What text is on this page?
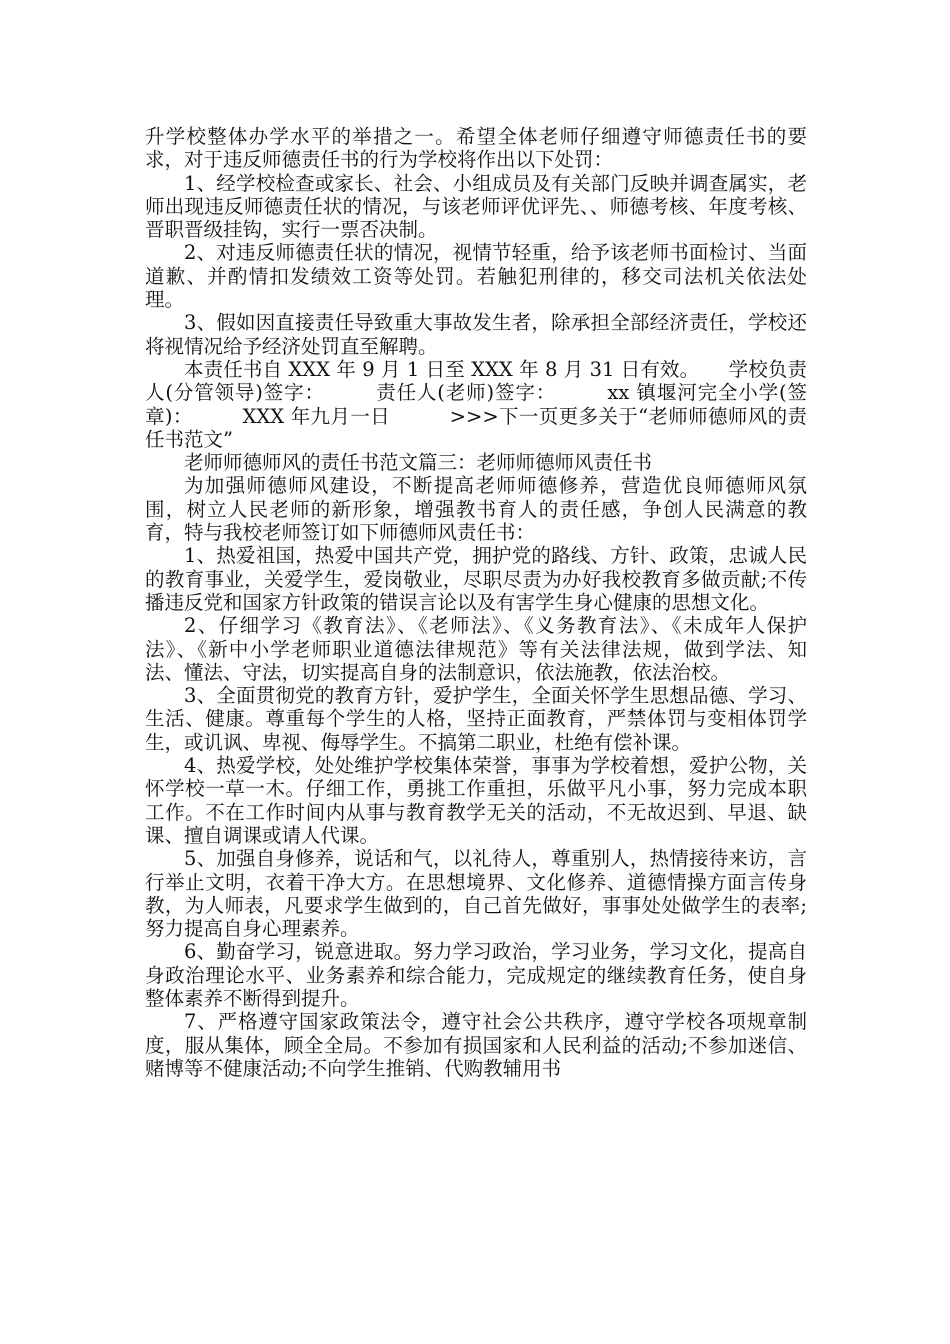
升学校整体办学水平的举措之一。希望全体老师仔细遵守师德责任书的要求，对于违反师德责任书的行为学校将作出以下处罚：

1、经学校检查或家长、社会、小组成员及有关部门反映并调查属实，老师出现违反师德责任状的情况，与该老师评优评先、、师德考核、年度考核、晋职晋级挂钩，实行一票否决制。

2、对违反师德责任状的情况，视情节轻重，给予该老师书面检讨、当面道歉、并酌情扣发绩效工资等处罚。若触犯刑律的，移交司法机关依法处理。

3、假如因直接责任导致重大事故发生者，除承担全部经济责任，学校还将视情况给予经济处罚直至解聘。

本责任书自 XXX 年 9 月 1 日至 XXX 年 8 月 31 日有效。　　学校负责人(分管领导)签字：　　　责任人(老师)签字：　　　xx 镇堰河完全小学(签章)：　　　XXX 年九月一日　　　>>>下一页更多关于“老师师德师风的责任书范文”

老师师德师风的责任书范文篇三：老师师德师风责任书

为加强师德师风建设，不断提高老师师德修养，营造优良师德师风氛围，树立人民老师的新形象，增强教书育人的责任感，争创人民满意的教育，特与我校老师签订如下师德师风责任书：

1、热爱祖国，热爱中国共产党，拥护党的路线、方针、政策，忠诚人民的教育事业，关爱学生，爱岗敬业，尽职尽责为办好我校教育多做贡献;不传播违反党和国家方针政策的错误言论以及有害学生身心健康的思想文化。

2、仔细学习《教育法》、《老师法》、《义务教育法》、《未成年人保护法》、《新中小学老师职业道德法律规范》等有关法律法规，做到学法、知法、懂法、守法，切实提高自身的法制意识，依法施教，依法治校。

3、全面贯彻党的教育方针，爱护学生，全面关怀学生思想品德、学习、生活、健康。尊重每个学生的人格，坚持正面教育，严禁体罚与变相体罚学生，或讥讽、卑视、侮辱学生。不搞第二职业，杜绝有偿补课。

4、热爱学校，处处维护学校集体荣誉，事事为学校着想，爱护公物，关怀学校一草一木。仔细工作，勇挑工作重担，乐做平凡小事，努力完成本职工作。不在工作时间内从事与教育教学无关的活动，不无故迟到、早退、缺课、擅自调课或请人代课。

5、加强自身修养，说话和气，以礼待人，尊重别人，热情接待来访，言行举止文明，衣着干净大方。在思想境界、文化修养、道德情操方面言传身教，为人师表，凡要求学生做到的，自己首先做好，事事处处做学生的表率;努力提高自身心理素养。

6、勤奋学习，锐意进取。努力学习政治，学习业务，学习文化，提高自身政治理论水平、业务素养和综合能力，完成规定的继续教育任务，使自身整体素养不断得到提升。

7、严格遵守国家政策法令，遵守社会公共秩序，遵守学校各项规章制度，服从集体，顾全全局。不参加有损国家和人民利益的活动;不参加迷信、赌博等不健康活动;不向学生推销、代购教辅用书
